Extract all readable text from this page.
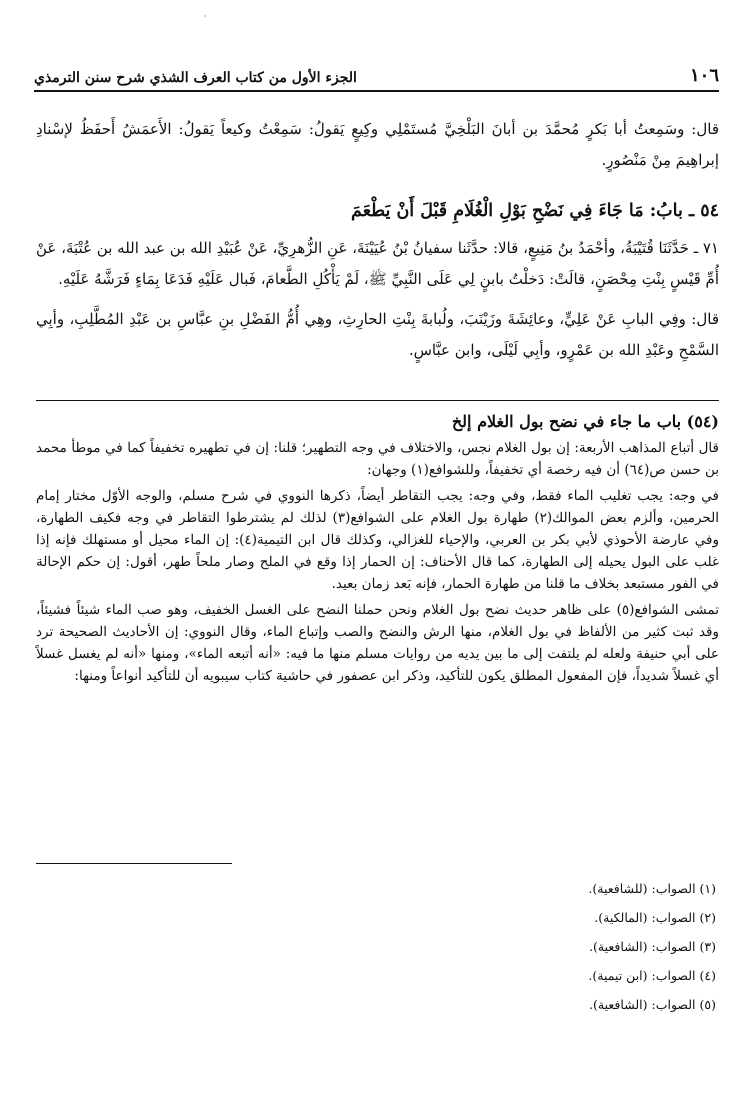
·
١٠٦
الجزء الأول من كتاب العرف الشذي شرح سنن الترمذي

قال: وسَمِعتُ أبا بَكرٍ مُحمَّدَ بن أبانَ البَلْخِيَّ مُستَمْلِي وكِيعٍ يَقولُ: سَمِعْتُ وكيعاً يَقولُ: الأَعمَشُ أَحفَظُ لإسْنادِ إبراهِيمَ مِنْ مَنْصُورٍ.

٥٤ ـ بابُ: مَا جَاءَ فِي نَضْحِ بَوْلِ الْغُلَامِ قَبْلَ أَنْ يَطْعَمَ

٧١ ـ حَدَّثَنَا قُتَيْبَةُ، وأحْمَدُ بنُ مَنِيعٍ، قالا: حدَّثَنا سفيانُ بْنُ عُيَيْنَةَ، عَنِ الزُّهرِيِّ، عَنْ عُبَيْدِ الله بن عبد الله بن عُتْبَةَ، عَنْ أُمِّ قَيْسٍ بِنْتِ مِحْصَنٍ، قالَتْ: دَخلْتُ بابنٍ لِي عَلَى النَّبِيِّ ﷺ، لَمْ يَأْكُلِ الطَّعامَ، فَبال عَلَيْهِ فَدَعَا بِمَاءٍ فَرَشَّهُ عَلَيْهِ.

قال: وفِي البابِ عَنْ عَلِيٍّ، وعائِشَةَ وزَيْنَبَ، ولُبابةَ بِنْتِ الحارِثِ، وهِي أُمُّ الفَضْلِ بنِ عبَّاسِ بن عَبْدِ المُطَّلِبِ، وأبِي السَّمْحِ وعَبْدِ الله بن عَمْرٍو، وأبِي لَيْلَى، وابن عبَّاسٍ.

(٥٤) باب ما جاء في نضح بول الغلام إلخ

قال أتباع المذاهب الأربعة: إن بول الغلام نجس، والاختلاف في وجه التطهير؛ قلنا: إن في تطهيره تخفيفاً كما في موطأ محمد بن حسن ص(٦٤) أن فيه رخصة أي تخفيفاً، وللشوافع(١) وجهان:

في وجه: يجب تغليب الماء فقط، وفي وجه: يجب التقاطر أيضاً، ذكرها النووي في شرح مسلم، والوجه الأوّل مختار إمام الحرمين، وألزم بعض الموالك(٢) طهارة بول الغلام على الشوافع(٣) لذلك لم يشترطوا التقاطر في وجه فكيف الطهارة، وفي عارضة الأحوذي لأبي بكر بن العربي، والإحياء للغزالي، وكذلك قال ابن التيمية(٤): إن الماء محيل أو مستهلك فإنه إذا غلب على البول يحيله إلى الطهارة، كما قال الأحناف: إن الحمار إذا وقع في الملح وصار ملحاً طهر، أقول: إن حكم الإحالة في الفور مستبعد بخلاف ما قلنا من طهارة الحمار، فإنه بَعد زمان بعيد.

تمشى الشوافع(٥) على ظاهر حديث نضح بول الغلام ونحن حملنا النضح على الغسل الخفيف، وهو صب الماء شيئاً فشيئاً، وقد ثبت كثير من الألفاظ في بول الغلام، منها الرش والنضح والصب وإتباع الماء، وقال النووي: إن الأحاديث الصحيحة ترد على أبي حنيفة ولعله لم يلتفت إلى ما بين يديه من روايات مسلم منها ما فيه: «أنه أتبعه الماء»، ومنها «أنه لم يغسل غسلاً أي غسلاً شديداً، فإن المفعول المطلق يكون للتأكيد، وذكر ابن عصفور في حاشية كتاب سيبويه أن للتأكيد أنواعاً ومنها:

(١) الصواب: (للشافعية).

(٢) الصواب: (المالكية).

(٣) الصواب: (الشافعية).

(٤) الصواب: (ابن تيمية).

(٥) الصواب: (الشافعية).
